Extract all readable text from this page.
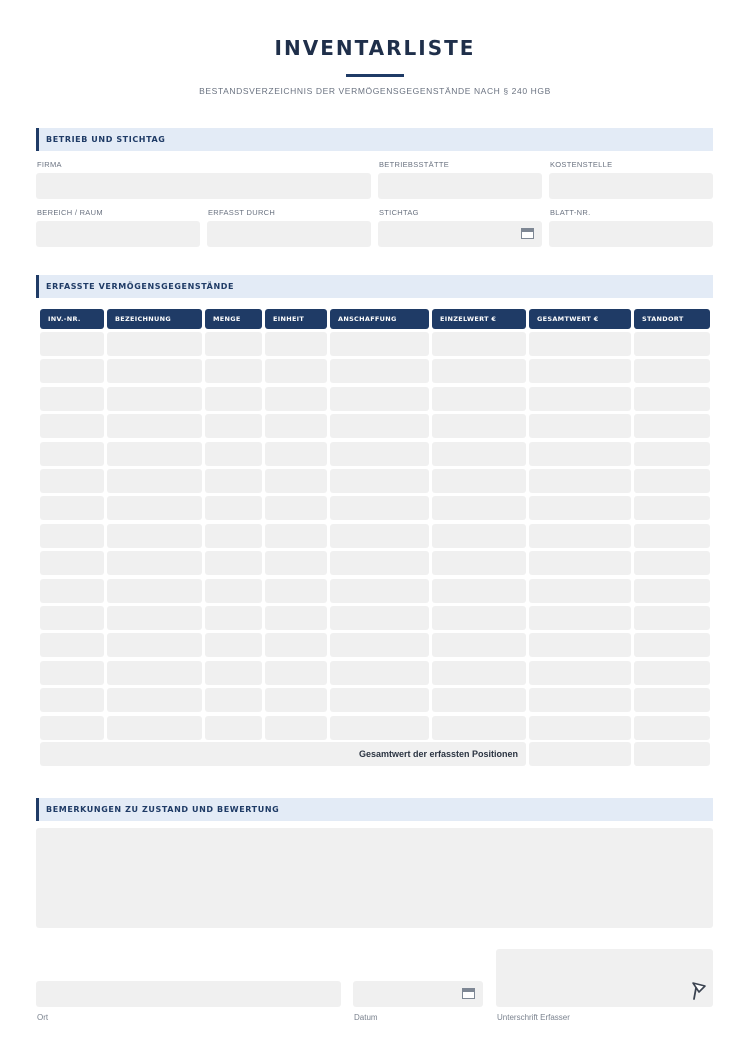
INVENTARLISTE
BESTANDSVERZEICHNIS DER VERMÖGENSGEGENSTÄNDE NACH § 240 HGB
BETRIEB UND STICHTAG
FIRMA	BETRIEBSSTÄTTE	KOSTENSTELLE
BEREICH / RAUM	ERFASST DURCH	STICHTAG	BLATT-NR.
ERFASSTE VERMÖGENSGEGENSTÄNDE
INV.-NR.	BEZEICHNUNG	MENGE	EINHEIT	ANSCHAFFUNG	EINZELWERT €	GESAMTWERT €	STANDORT
Gesamtwert der erfassten Positionen
BEMERKUNGEN ZU ZUSTAND UND BEWERTUNG
Ort	Datum	Unterschrift Erfasser
